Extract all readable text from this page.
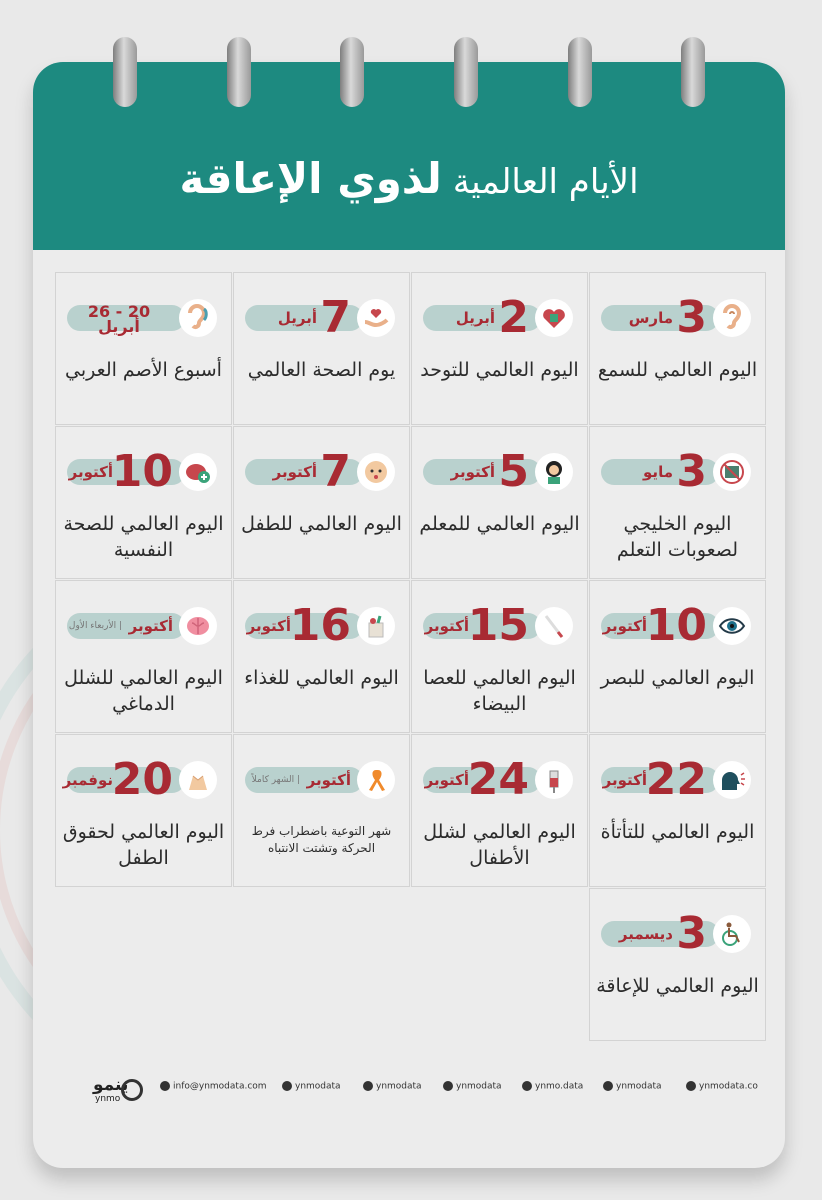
الأيام العالمية لذوي الإعاقة
info@ynmodata.com	ynmodata	ynmodata	ynmodata	ynmo.data	ynmodata	ynmodata.co
ينمو
ynmo
3
مارس
اليوم العالمي للسمع
2
أبريل
اليوم العالمي للتوحد
7
أبريل
يوم الصحة العالمي
20 - 26 أبريل
أسبوع الأصم العربي
3
مايو
اليوم الخليجي لصعوبات التعلم
5
أكتوبر
اليوم العالمي للمعلم
7
أكتوبر
اليوم العالمي للطفل
10
أكتوبر
اليوم العالمي للصحة النفسية
10
أكتوبر
اليوم العالمي للبصر
15
أكتوبر
اليوم العالمي للعصا البيضاء
16
أكتوبر
اليوم العالمي للغذاء
أكتوبر
| الأربعاء الأول
اليوم العالمي للشلل الدماغي
22
أكتوبر
اليوم العالمي للتأتأة
24
أكتوبر
اليوم العالمي لشلل الأطفال
أكتوبر
| الشهر كاملاً
شهر التوعية باضطراب فرط الحركة وتشتت الانتباه
20
نوفمبر
اليوم العالمي لحقوق الطفل
3
ديسمبر
اليوم العالمي للإعاقة
